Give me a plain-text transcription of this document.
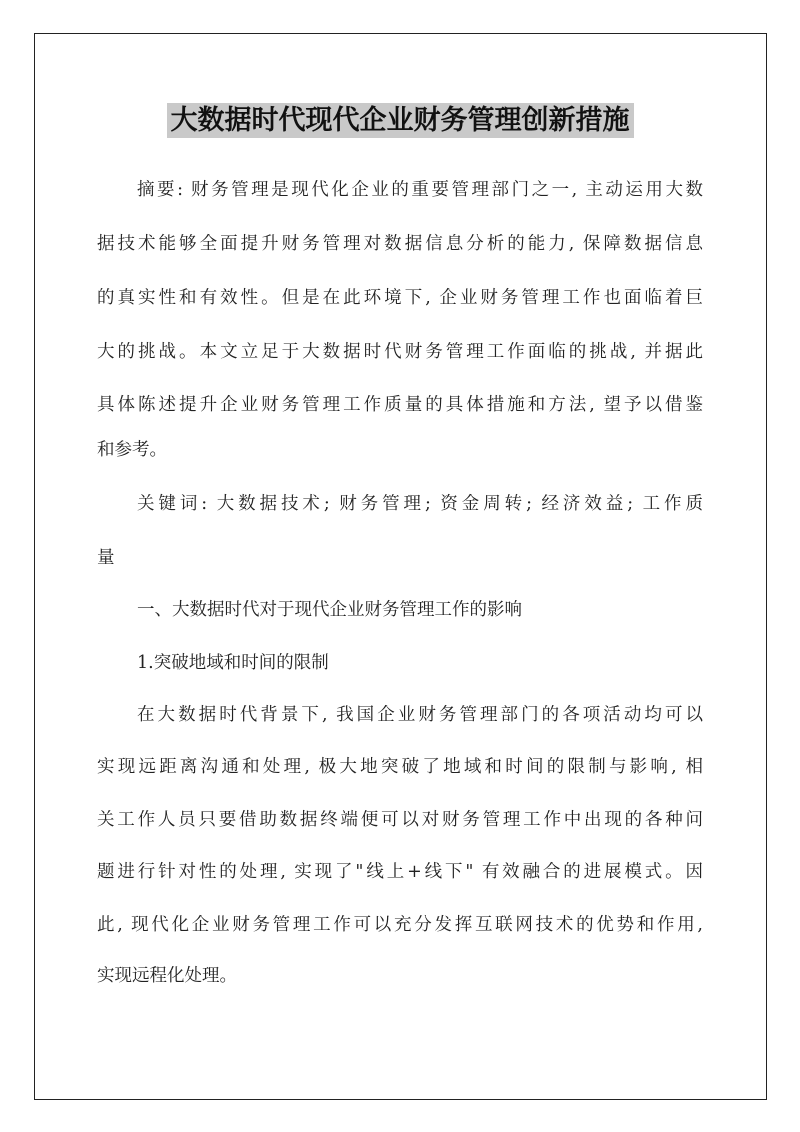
大数据时代现代企业财务管理创新措施
摘要: 财务管理是现代化企业的重要管理部门之一, 主动运用大数
据技术能够全面提升财务管理对数据信息分析的能力, 保障数据信息
的真实性和有效性。但是在此环境下, 企业财务管理工作也面临着巨
大的挑战。本文立足于大数据时代财务管理工作面临的挑战, 并据此
具体陈述提升企业财务管理工作质量的具体措施和方法, 望予以借鉴
和参考。
关键词: 大数据技术; 财务管理; 资金周转; 经济效益; 工作质
量
一、大数据时代对于现代企业财务管理工作的影响
1.突破地域和时间的限制
在大数据时代背景下, 我国企业财务管理部门的各项活动均可以
实现远距离沟通和处理, 极大地突破了地域和时间的限制与影响, 相
关工作人员只要借助数据终端便可以对财务管理工作中出现的各种问
题进行针对性的处理, 实现了"线上+线下" 有效融合的进展模式。因
此, 现代化企业财务管理工作可以充分发挥互联网技术的优势和作用,
实现远程化处理。
